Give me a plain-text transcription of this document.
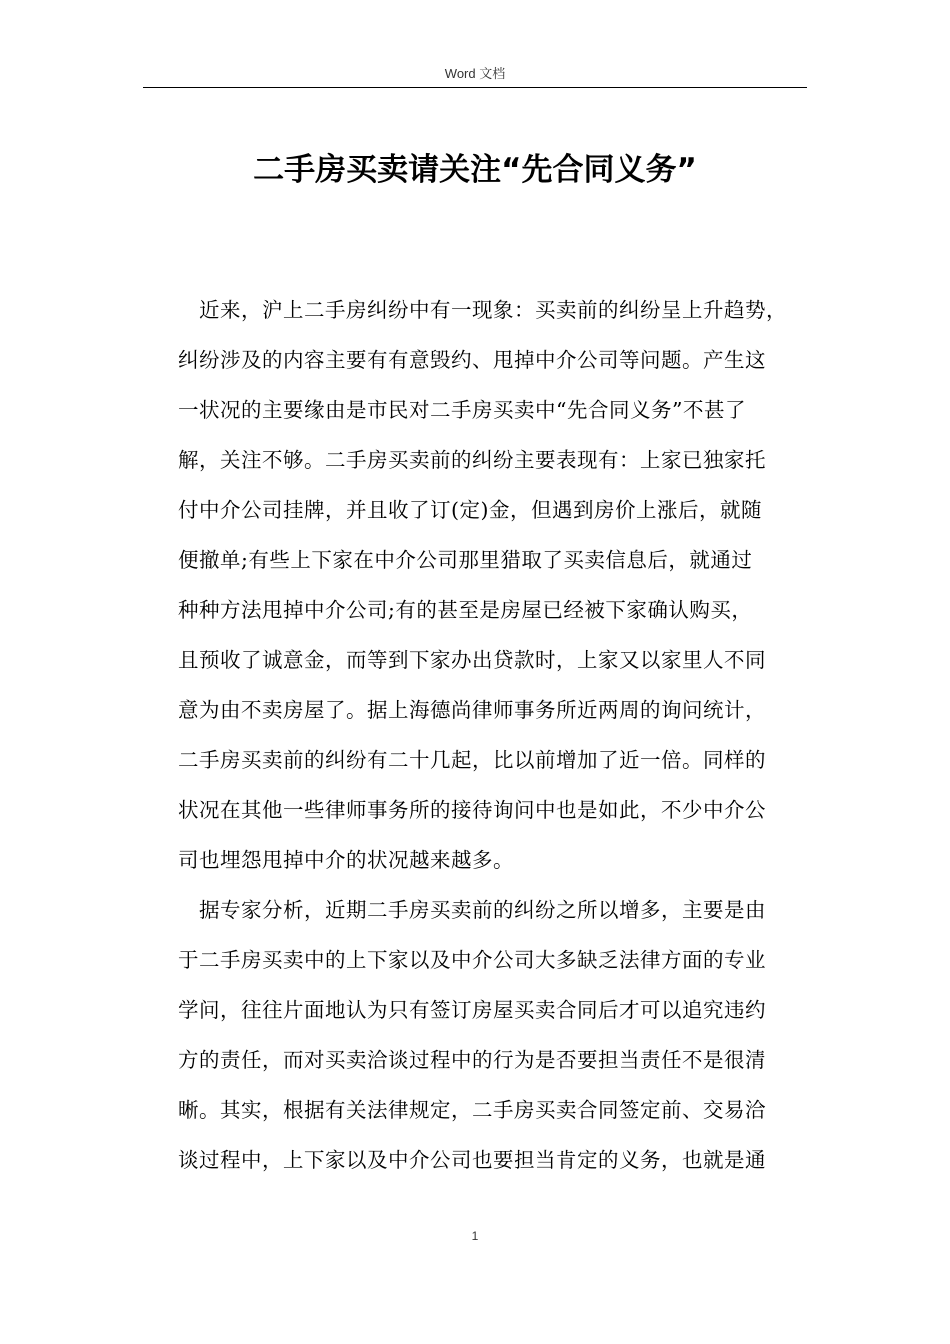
Word 文档
二手房买卖请关注“先合同义务”
近来，沪上二手房纠纷中有一现象：买卖前的纠纷呈上升趋势，
纠纷涉及的内容主要有有意毁约、甩掉中介公司等问题。产生这
一状况的主要缘由是市民对二手房买卖中“先合同义务”不甚了
解，关注不够。二手房买卖前的纠纷主要表现有：上家已独家托
付中介公司挂牌，并且收了订(定)金，但遇到房价上涨后，就随
便撤单;有些上下家在中介公司那里猎取了买卖信息后，就通过
种种方法甩掉中介公司;有的甚至是房屋已经被下家确认购买，
且预收了诚意金，而等到下家办出贷款时，上家又以家里人不同
意为由不卖房屋了。据上海德尚律师事务所近两周的询问统计，
二手房买卖前的纠纷有二十几起，比以前增加了近一倍。同样的
状况在其他一些律师事务所的接待询问中也是如此，不少中介公
司也埋怨甩掉中介的状况越来越多。
据专家分析，近期二手房买卖前的纠纷之所以增多，主要是由
于二手房买卖中的上下家以及中介公司大多缺乏法律方面的专业
学问，往往片面地认为只有签订房屋买卖合同后才可以追究违约
方的责任，而对买卖洽谈过程中的行为是否要担当责任不是很清
晰。其实，根据有关法律规定，二手房买卖合同签定前、交易洽
谈过程中，上下家以及中介公司也要担当肯定的义务，也就是通
1
